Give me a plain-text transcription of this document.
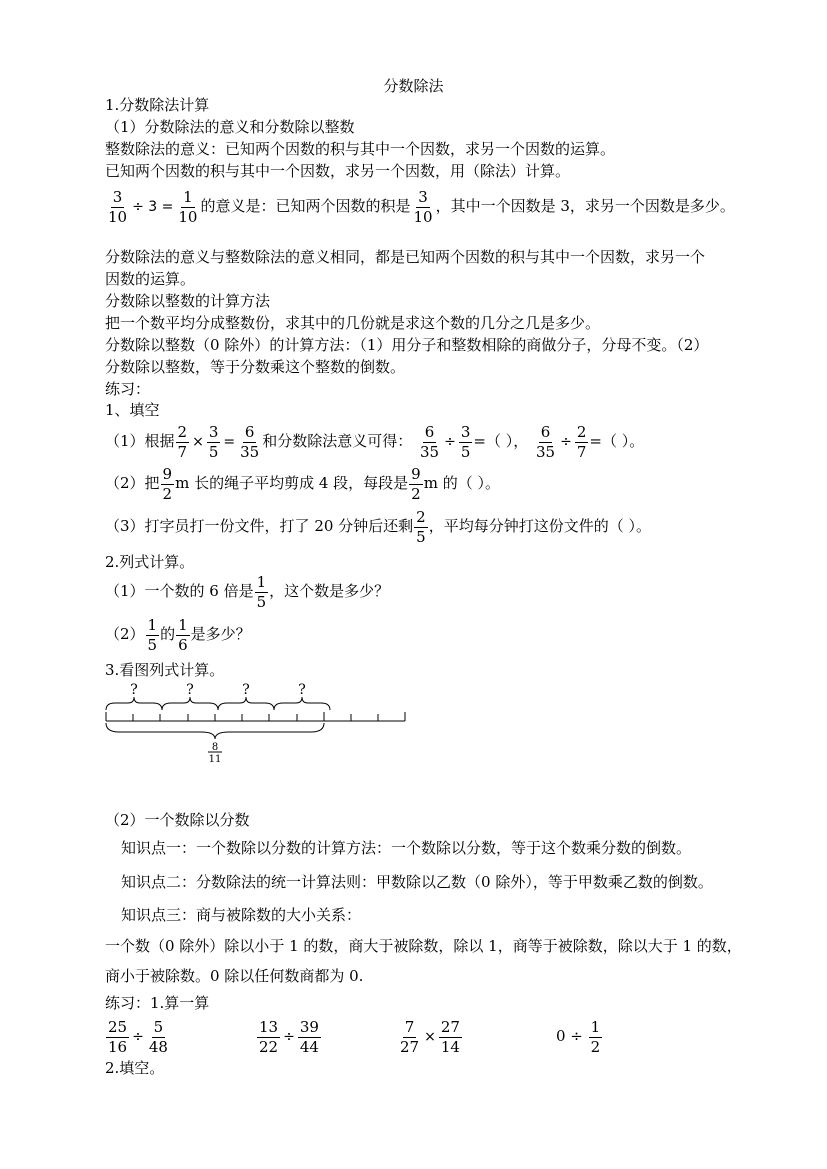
分数除法
1.分数除法计算
（1）分数除法的意义和分数除以整数
整数除法的意义：已知两个因数的积与其中一个因数，求另一个因数的运算。
已知两个因数的积与其中一个因数，求另一个因数，用（除法）计算。
$\frac{3}{10} \div 3 = \frac{1}{10}$ 的意义是：已知两个因数的积是 $\frac{3}{10}$ ，其中一个因数是 3，求另一个因数是多少。
分数除法的意义与整数除法的意义相同，都是已知两个因数的积与其中一个因数，求另一个
因数的运算。
分数除以整数的计算方法
把一个数平均分成整数份，求其中的几份就是求这个数的几分之几是多少。
分数除以整数（0 除外）的计算方法：（1）用分子和整数相除的商做分子，分母不变。（2）
分数除以整数，等于分数乘这个整数的倒数。
练习：
1、填空
（1）根据 $\frac{2}{7} \times \frac{3}{5} = \frac{6}{35}$ 和分数除法意义可得： $\frac{6}{35} \div \frac{3}{5}$ =（ ）， $\frac{6}{35} \div \frac{2}{7}$ =（ ）。
（2）把 $\frac{9}{2}$ m 长的绳子平均剪成 4 段，每段是 $\frac{9}{2}$ m 的（ ）。
（3）打字员打一份文件，打了 20 分钟后还剩 $\frac{2}{5}$ ，平均每分钟打这份文件的（ ）。
2.列式计算。
（1）一个数的 6 倍是 $\frac{1}{5}$ ，这个数是多少？
$(2) \frac{1}{5}$ 的 $\frac{1}{6}$ 是多少？
3.看图列式计算。
?	?	?	?
8
11
（2）一个数除以分数
知识点一：一个数除以分数的计算方法：一个数除以分数，等于这个数乘分数的倒数。
知识点二：分数除法的统一计算法则：甲数除以乙数（0 除外），等于甲数乘乙数的倒数。
知识点三：商与被除数的大小关系：
一个数（0 除外）除以小于 1 的数，商大于被除数，除以 1，商等于被除数，除以大于 1 的数，
商小于被除数。0 除以任何数商都为 0.
练习：1.算一算
$\frac{25}{16} \div \frac{5}{48}$	$\frac{13}{22} \div \frac{39}{44}$	$\frac{7}{27} \times \frac{27}{14}$	$0 \div \frac{1}{2}$
2.填空。
